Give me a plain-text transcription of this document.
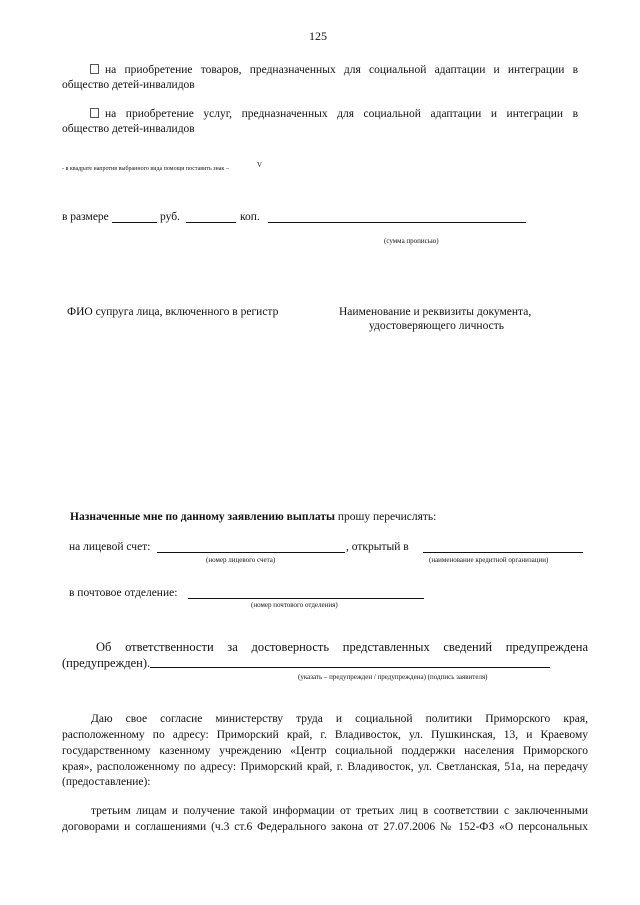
125
на приобретение товаров, предназначенных для социальной адаптации и интеграции в
общество детей-инвалидов
на приобретение услуг, предназначенных для социальной адаптации и интеграции в
общество детей-инвалидов
- в квадрате напротив выбранного вида помощи поставить знак –	V
в размере	руб.	коп.
(сумма прописью)
ФИО супруга лица, включенного в регистр	Наименование и реквизиты документа,
удостоверяющего личность
Назначенные мне по данному заявлению выплаты прошу перечислять:
на лицевой счет:	, открытый в
(номер лицевого счета)	(наименование кредитной организации)
в почтовое отделение:
(номер почтового отделения)
Об ответственности за достоверность представленных сведений предупреждена
(предупрежден).
(указать – предупрежден / предупреждена) (подпись заявителя)
Даю свое согласие министерству труда и социальной политики Приморского края,
расположенному по адресу: Приморский край, г. Владивосток, ул. Пушкинская, 13, и Краевому
государственному казенному учреждению «Центр социальной поддержки населения Приморского
края», расположенному по адресу: Приморский край, г. Владивосток, ул. Светланская, 51а, на передачу
(предоставление):
третьим лицам и получение такой информации от третьих лиц в соответствии с заключенными
договорами и соглашениями (ч.3 ст.6 Федерального закона от 27.07.2006 № 152-ФЗ «О персональных
